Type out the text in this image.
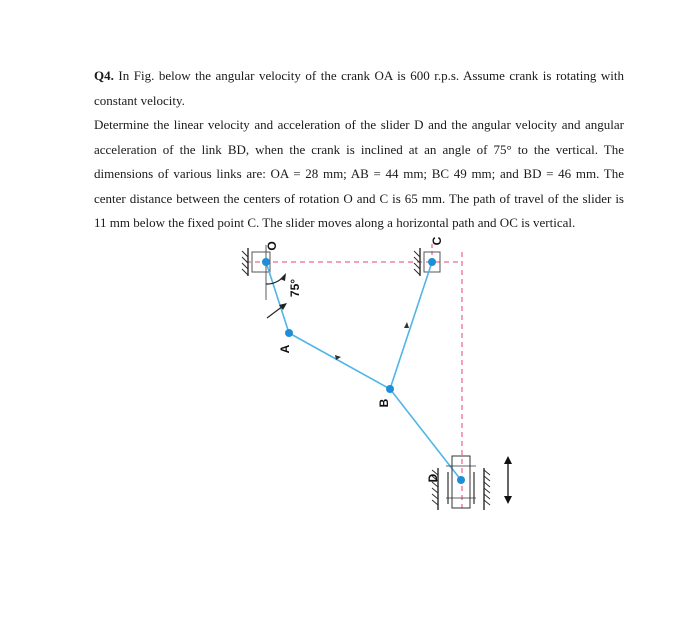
Q4. In Fig. below the angular velocity of the crank OA is 600 r.p.s. Assume crank is rotating with constant velocity.

Determine the linear velocity and acceleration of the slider D and the angular velocity and angular acceleration of the link BD, when the crank is inclined at an angle of 75° to the vertical. The dimensions of various links are: OA = 28 mm; AB = 44 mm; BC 49 mm; and BD = 46 mm. The center distance between the centers of rotation O and C is 65 mm. The path of travel of the slider is 11 mm below the fixed point C. The slider moves along a horizontal path and OC is vertical.

O
C
A
B
D
75°
